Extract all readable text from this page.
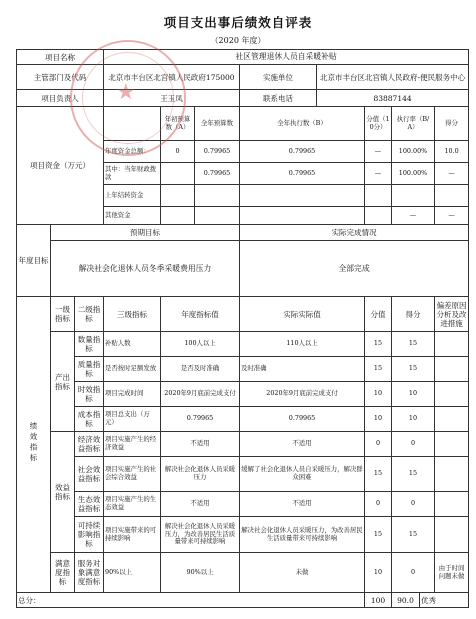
项目支出事后绩效自评表
（2020 年度）
项目名称			社区管理退休人员自采暖补贴								
主管部门及代码			北京市丰台区北宫镇人民政府175000			实施单位	北京市丰台区北宫镇人民政府-便民服务中心				
项目负责人			王玉凤			联系电话	83887144				
项目资金（万元）				年初预算数（A）	全年预算数	全年执行数（B）		分值（10分）	执行率（B/A）		得分
			年度资金总额：	0	0.79965	0.79965		—	100.00%		10.0
			其中：当年财政拨款		0.79965	0.79965		—	100.00%		—
			上年结转资金								
			其他资金						—		—
年度目标	预期目标					实际完成情况					
	解决社会化退休人员冬季采暖费用压力					全部完成					
绩效指标	一级指标	二级指标	三级指标	年度指标值		实际实际值		分值	得分		偏差原因分析及改进措施
	产出指标	数量指标	补贴人数	100人以上		110人以上		15	15		
		质量指标	是否按时足额发放	是否及时准确		及时准确		15	15		
		时效指标	项目完成时间	2020年9月底前完成支付		2020年9月底前完成支付		10	10		
		成本指标	项目总支出（万元）	0.79965		0.79965		10	10		
	效益指标	经济效益指标	项目实施产生的经济效益	不适用		不适用		0	0		
		社会效益指标	项目实施产生的社会综合效益	解决社会化退休人员采暖压力		缓解了社会化退休人员自采暖压力，解决群众困难		15	15		
		生态效益指标	项目实施产生的生态效益	不适用		不适用		0	0		
		可持续影响指标	项目实施带来的可持续影响	解决社会化退休人员采暖压力，为改善居民生活质量带来可持续影响		解决社会化退休人员采暖压力，为改善居民生活质量带来可持续影响		15	15		
	满意度指标	服务对象满意度指标	90%以上	90%以上		未做		10	0		由于时间问题未做
总分：								100	90.0	优秀	
★
